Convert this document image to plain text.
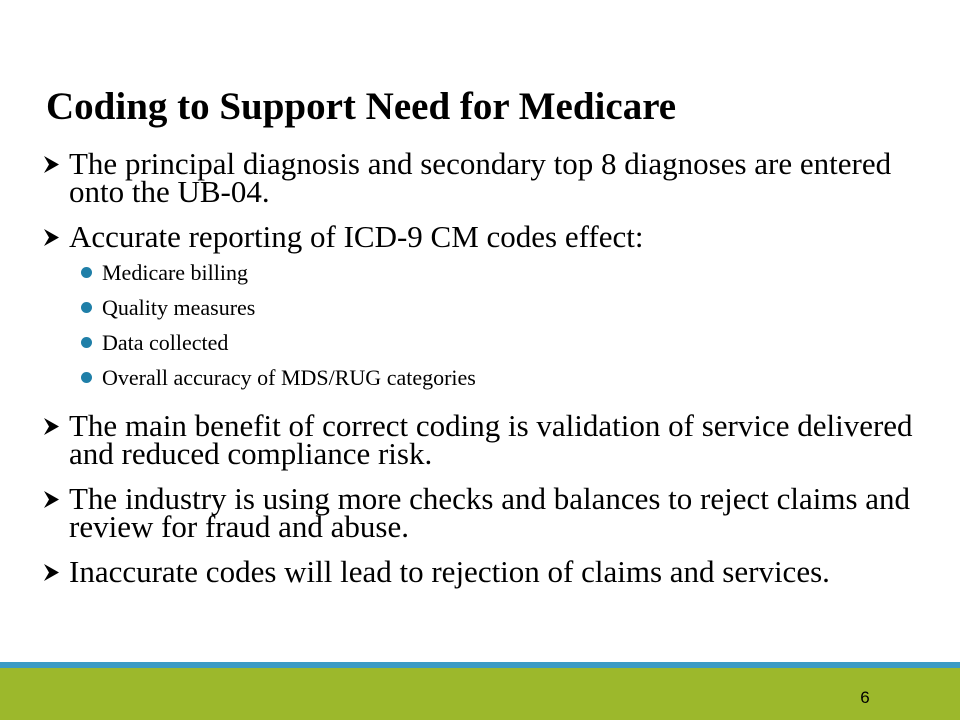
Coding to Support Need for Medicare
The principal diagnosis and secondary top 8 diagnoses are entered onto the UB-04.
Accurate reporting of ICD-9 CM codes effect:
Medicare billing
Quality measures
Data collected
Overall accuracy of MDS/RUG categories
The main benefit of correct coding is validation of service delivered and reduced compliance risk.
The industry is using more checks and balances to reject claims and review for fraud and abuse.
Inaccurate codes will lead to rejection of claims and services.
6
